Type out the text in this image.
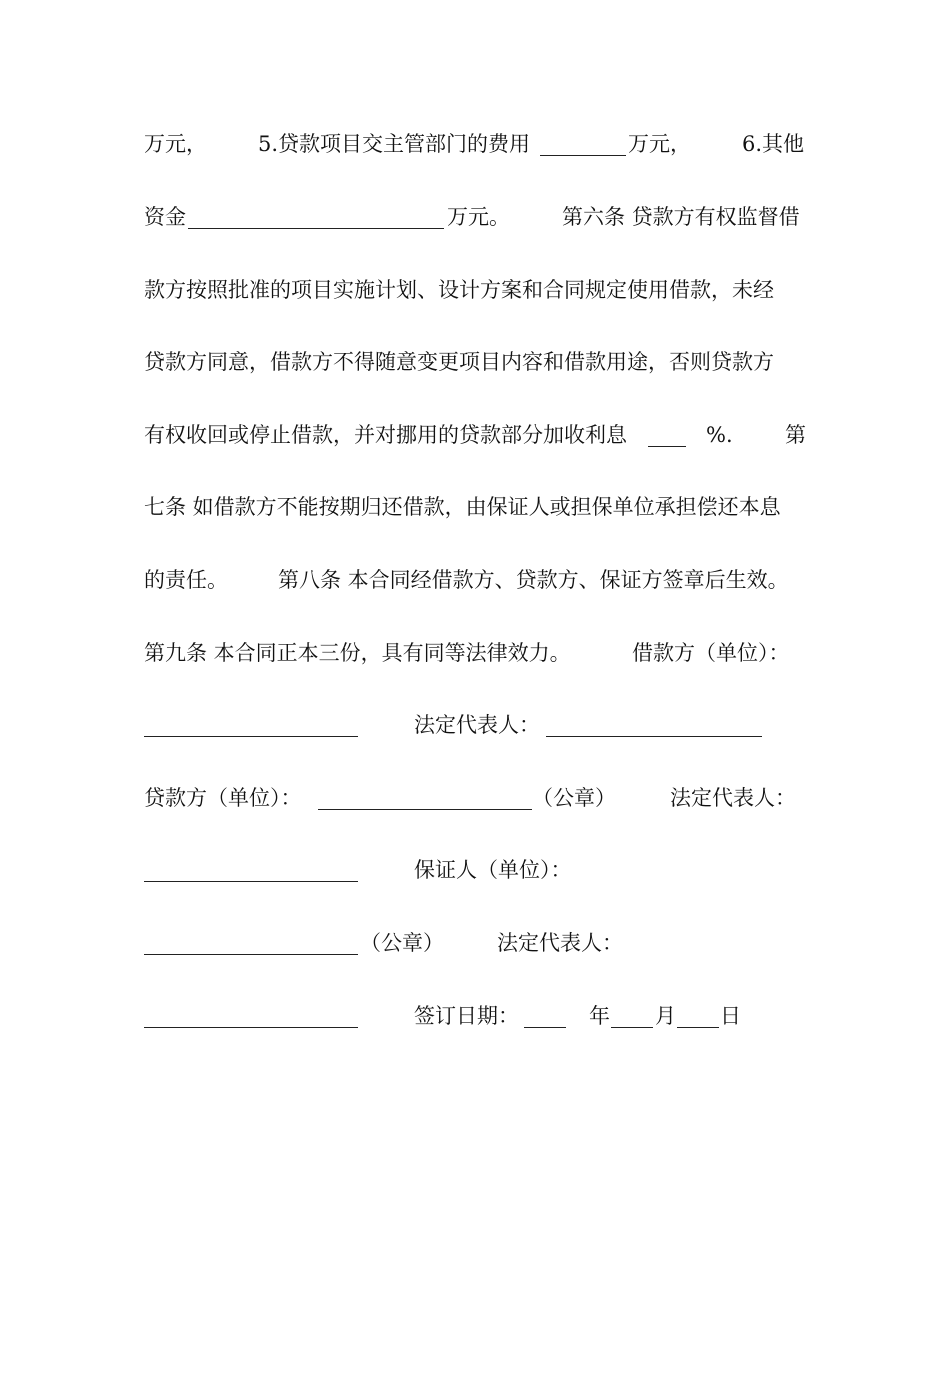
万元，

5.贷款项目交主管部门的费用

	万元，

6.其他

资金

	万元。

第六条 贷款方有权监督借

款方按照批准的项目实施计划、设计方案和合同规定使用借款，未经

贷款方同意，借款方不得随意变更项目内容和借款用途，否则贷款方

有权收回或停止借款，并对挪用的贷款部分加收利息

	%.

第

七条 如借款方不能按期归还借款，由保证人或担保单位承担偿还本息

的责任。

第八条 本合同经借款方、贷款方、保证方签章后生效。

第九条 本合同正本三份，具有同等法律效力。

	借款方（单位）：

法定代表人：

贷款方（单位）：

	（公章）

	法定代表人：

保证人（单位）：

（公章）

	法定代表人：

签订日期：

	年

月

日
